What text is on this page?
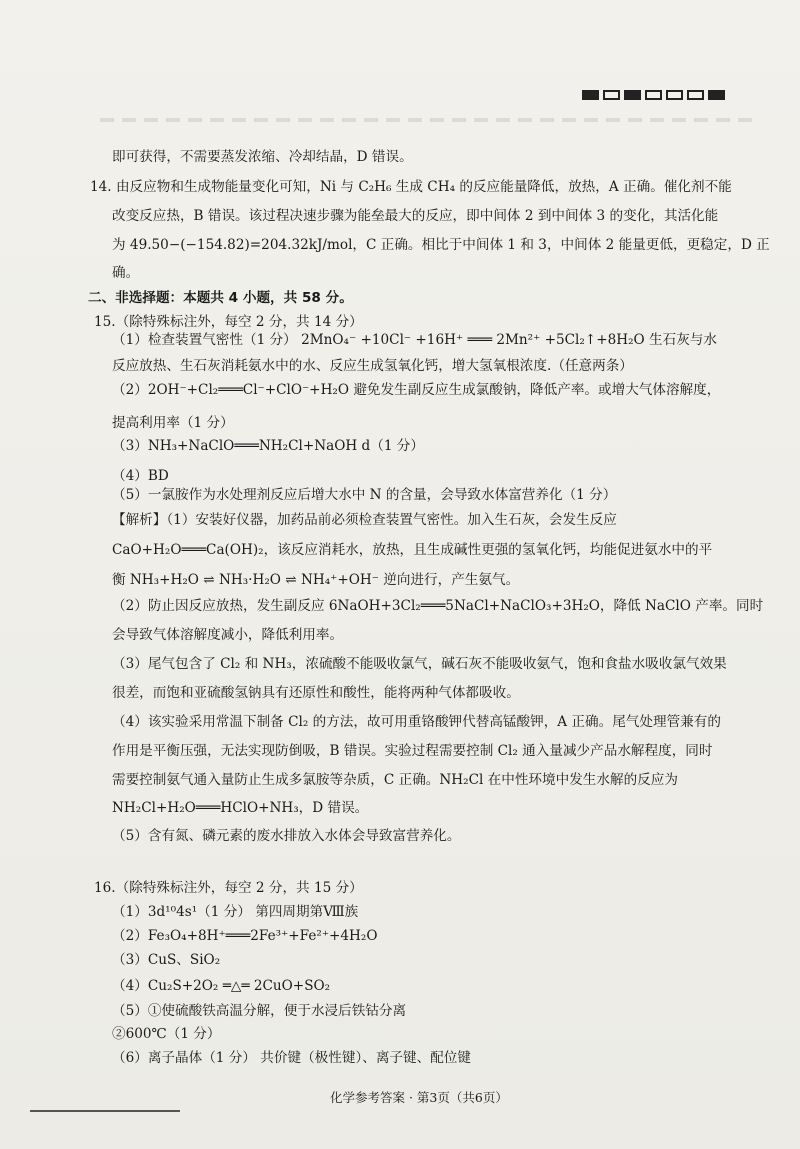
即可获得，不需要蒸发浓缩、冷却结晶，D 错误。
14. 由反应物和生成物能量变化可知，Ni 与 C₂H₆ 生成 CH₄ 的反应能量降低，放热，A 正确。催化剂不能
改变反应热，B 错误。该过程决速步骤为能垒最大的反应，即中间体 2 到中间体 3 的变化，其活化能
为 49.50−(−154.82)=204.32kJ/mol，C 正确。相比于中间体 1 和 3，中间体 2 能量更低，更稳定，D 正
确。
二、非选择题：本题共 4 小题，共 58 分。
15.（除特殊标注外，每空 2 分，共 14 分）
（1）检查装置气密性（1 分） 2MnO₄⁻ +10Cl⁻ +16H⁺ ═══ 2Mn²⁺ +5Cl₂↑+8H₂O 生石灰与水
反应放热、生石灰消耗氨水中的水、反应生成氢氧化钙，增大氢氧根浓度.（任意两条）
（2）2OH⁻+Cl₂═══Cl⁻+ClO⁻+H₂O 避免发生副反应生成氯酸钠，降低产率。或增大气体溶解度，
提高利用率（1 分）
（3）NH₃+NaClO═══NH₂Cl+NaOH d（1 分）
（4）BD
（5）一氯胺作为水处理剂反应后增大水中 N 的含量，会导致水体富营养化（1 分）
【解析】（1）安装好仪器，加药品前必须检查装置气密性。加入生石灰，会发生反应
CaO+H₂O═══Ca(OH)₂，该反应消耗水，放热，且生成碱性更强的氢氧化钙，均能促进氨水中的平
衡 NH₃+H₂O ⇌ NH₃·H₂O ⇌ NH₄⁺+OH⁻ 逆向进行，产生氨气。
（2）防止因反应放热，发生副反应 6NaOH+3Cl₂═══5NaCl+NaClO₃+3H₂O，降低 NaClO 产率。同时
会导致气体溶解度减小，降低利用率。
（3）尾气包含了 Cl₂ 和 NH₃，浓硫酸不能吸收氯气，碱石灰不能吸收氨气，饱和食盐水吸收氯气效果
很差，而饱和亚硫酸氢钠具有还原性和酸性，能将两种气体都吸收。
（4）该实验采用常温下制备 Cl₂ 的方法，故可用重铬酸钾代替高锰酸钾，A 正确。尾气处理管兼有的
作用是平衡压强，无法实现防倒吸，B 错误。实验过程需要控制 Cl₂ 通入量减少产品水解程度，同时
需要控制氨气通入量防止生成多氯胺等杂质，C 正确。NH₂Cl 在中性环境中发生水解的反应为
NH₂Cl+H₂O═══HClO+NH₃，D 错误。
（5）含有氮、磷元素的废水排放入水体会导致富营养化。
16.（除特殊标注外，每空 2 分，共 15 分）
（1）3d¹⁰4s¹（1 分） 第四周期第Ⅷ族
（2）Fe₃O₄+8H⁺═══2Fe³⁺+Fe²⁺+4H₂O
（3）CuS、SiO₂
（4）Cu₂S+2O₂ ═△═ 2CuO+SO₂
（5）①使硫酸铁高温分解，便于水浸后铁钴分离
②600℃（1 分）
（6）离子晶体（1 分） 共价键（极性键）、离子键、配位键
化学参考答案 · 第3页（共6页）
